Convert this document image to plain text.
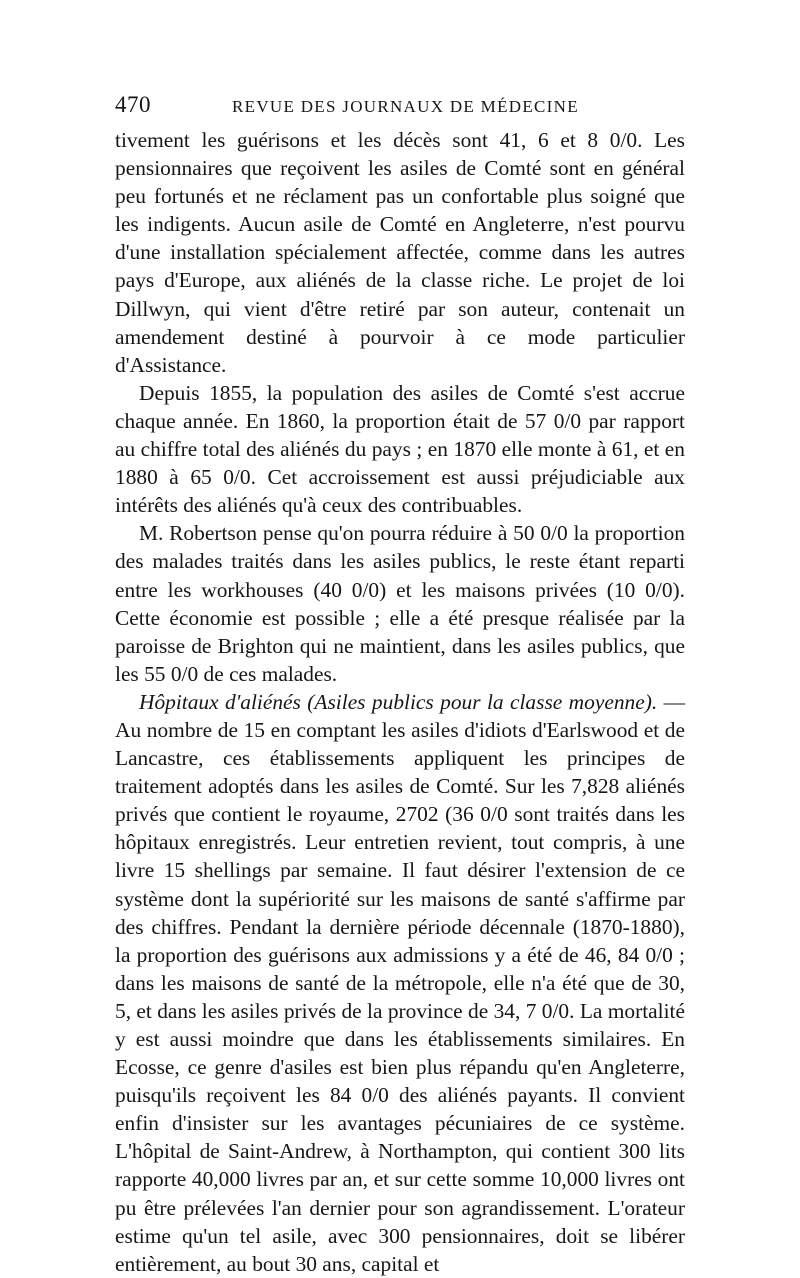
470	REVUE DES JOURNAUX DE MÉDECINE

tivement les guérisons et les décès sont 41, 6 et 8 0/0. Les pensionnaires que reçoivent les asiles de Comté sont en général peu fortunés et ne réclament pas un confortable plus soigné que les indigents. Aucun asile de Comté en Angleterre, n'est pourvu d'une installation spécialement affectée, comme dans les autres pays d'Europe, aux aliénés de la classe riche. Le projet de loi Dillwyn, qui vient d'être retiré par son auteur, contenait un amendement destiné à pourvoir à ce mode particulier d'Assistance.

Depuis 1855, la population des asiles de Comté s'est accrue chaque année. En 1860, la proportion était de 57 0/0 par rapport au chiffre total des aliénés du pays ; en 1870 elle monte à 61, et en 1880 à 65 0/0. Cet accroissement est aussi préjudiciable aux intérêts des aliénés qu'à ceux des contribuables.

M. Robertson pense qu'on pourra réduire à 50 0/0 la proportion des malades traités dans les asiles publics, le reste étant reparti entre les workhouses (40 0/0) et les maisons privées (10 0/0). Cette économie est possible ; elle a été presque réalisée par la paroisse de Brighton qui ne maintient, dans les asiles publics, que les 55 0/0 de ces malades.

Hôpitaux d'aliénés (Asiles publics pour la classe moyenne). — Au nombre de 15 en comptant les asiles d'idiots d'Earlswood et de Lancastre, ces établissements appliquent les principes de traitement adoptés dans les asiles de Comté. Sur les 7,828 aliénés privés que contient le royaume, 2702 (36 0/0 sont traités dans les hôpitaux enregistrés. Leur entretien revient, tout compris, à une livre 15 shellings par semaine. Il faut désirer l'extension de ce système dont la supériorité sur les maisons de santé s'affirme par des chiffres. Pendant la dernière période décennale (1870-1880), la proportion des guérisons aux admissions y a été de 46, 84 0/0 ; dans les maisons de santé de la métropole, elle n'a été que de 30, 5, et dans les asiles privés de la province de 34, 7 0/0. La mortalité y est aussi moindre que dans les établissements similaires. En Ecosse, ce genre d'asiles est bien plus répandu qu'en Angleterre, puisqu'ils reçoivent les 84 0/0 des aliénés payants. Il convient enfin d'insister sur les avantages pécuniaires de ce système. L'hôpital de Saint-Andrew, à Northampton, qui contient 300 lits rapporte 40,000 livres par an, et sur cette somme 10,000 livres ont pu être prélevées l'an dernier pour son agrandissement. L'orateur estime qu'un tel asile, avec 300 pensionnaires, doit se libérer entièrement, au bout 30 ans, capital et
